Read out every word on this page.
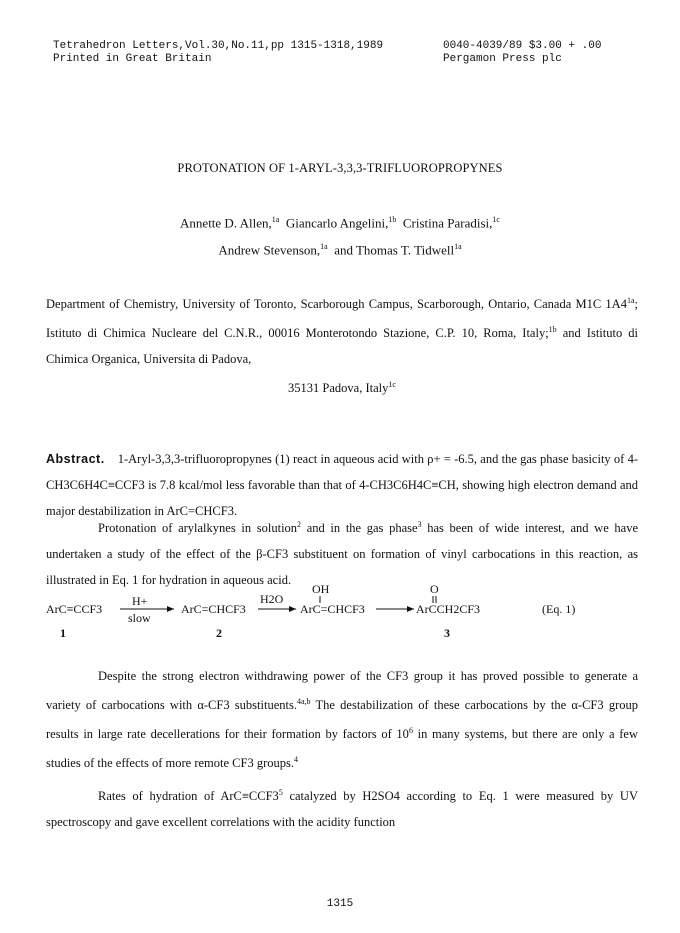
Tetrahedron Letters,Vol.30,No.11,pp 1315-1318,1989
Printed in Great Britain
0040-4039/89 $3.00 + .00
Pergamon Press plc
PROTONATION OF 1-ARYL-3,3,3-TRIFLUOROPROPYNES
Annette D. Allen,$^{1a}$ Giancarlo Angelini,$^{1b}$ Cristina Paradisi,$^{1c}$
Andrew Stevenson,$^{1a}$ and Thomas T. Tidwell$^{1a}$
Department of Chemistry, University of Toronto, Scarborough Campus, Scarborough, Ontario, Canada M1C $1A4^{1a}$; Istituto di Chimica Nucleare del C.N.R., 00016 Monterotondo Stazione, C.P. 10, Roma, Italy;$^{1b}$ and Istituto di Chimica Organica, Universita di Padova,
35131 Padova, Italy$^{1c}$

Abstract. 1-Aryl-3,3,3-trifluoropropynes (1) react in aqueous acid with ρ+ = -6.5, and the gas phase basicity of 4-CH3C6H4C≡CCF3 is 7.8 kcal/mol less favorable than that of 4-CH3C6H4C≡CH, showing high electron demand and major destabilization in ArC=CHCF3.

Protonation of arylalkynes in solution$^2$ and in the gas phase$^3$ has been of wide interest, and we have undertaken a study of the effect of the β-CF3 substituent on formation of vinyl carbocations in this reaction, as illustrated in Eq. 1 for hydration in aqueous acid.

ArC≡CCF3
H+
slow
ArC=CHCF3
H2O
OH
ArC=CHCF3
O
ArCCH2CF3	(Eq. 1)
1	2	3

Despite the strong electron withdrawing power of the CF3 group it has proved possible to generate a variety of carbocations with α-CF3 substituents.$^{4a,b}$ The destabilization of these carbocations by the α-CF3 group results in large rate decellerations for their formation by factors of $10^6$ in many systems, but there are only a few studies of the effects of more remote CF3 groups.$^4$

Rates of hydration of $ArC\equiv CCF3^5$ catalyzed by H2SO4 according to Eq. 1 were measured by UV spectroscopy and gave excellent correlations with the acidity function

1315
